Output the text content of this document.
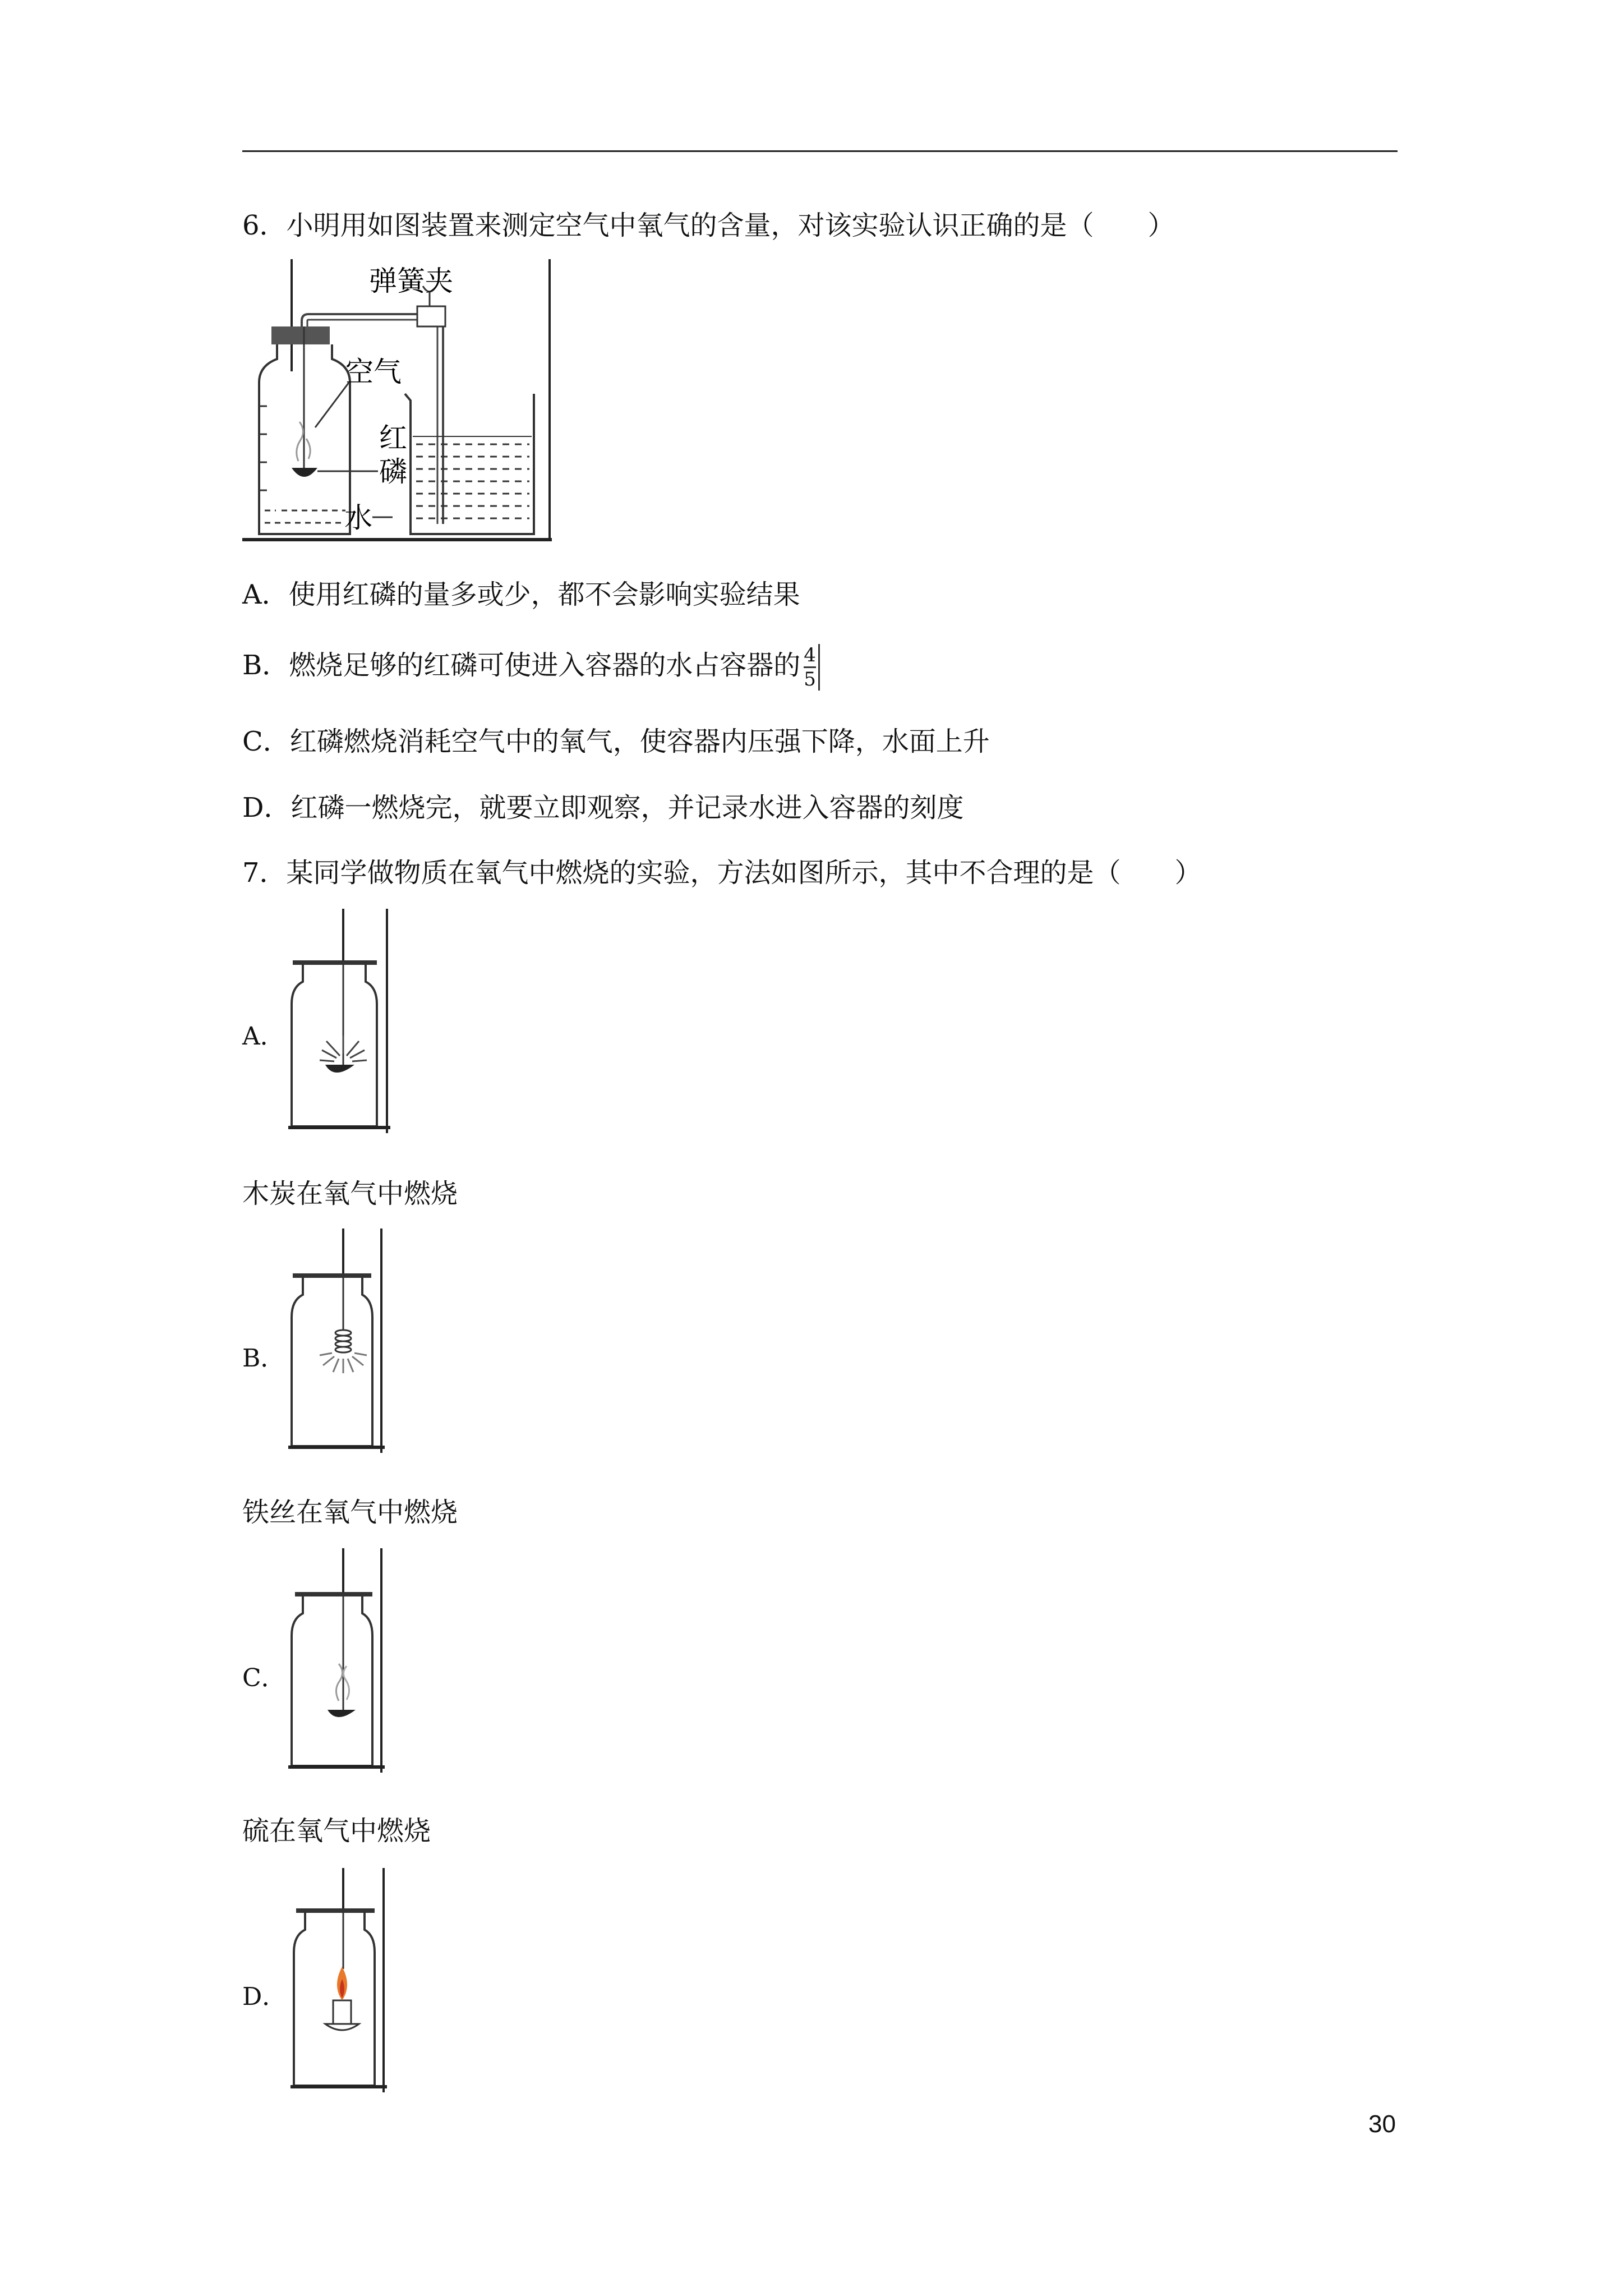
6．小明用如图装置来测定空气中氧气的含量，对该实验认识正确的是（　　）
弹簧夹
空气
红
磷
水
A．使用红磷的量多或少，都不会影响实验结果
B．燃烧足够的红磷可使进入容器的水占容器的 $\frac{4}{5}$
C．红磷燃烧消耗空气中的氧气，使容器内压强下降，水面上升
D．红磷一燃烧完，就要立即观察，并记录水进入容器的刻度
7．某同学做物质在氧气中燃烧的实验，方法如图所示，其中不合理的是（　　）
A．
木炭在氧气中燃烧
B．
铁丝在氧气中燃烧
C．
硫在氧气中燃烧
D．
30
